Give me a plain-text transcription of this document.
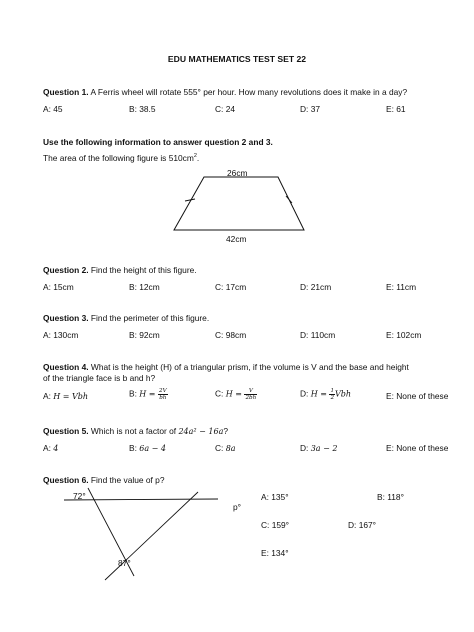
EDU MATHEMATICS TEST SET 22
Question 1. A Ferris wheel will rotate 555° per hour. How many revolutions does it make in a day?
A: 45	B: 38.5	C: 24	D: 37	E: 61
Use the following information to answer question 2 and 3.
The area of the following figure is $510cm^2$.
26cm
42cm
Question 2. Find the height of this figure.
A: 15cm	B: 12cm	C: 17cm	D: 21cm	E: 11cm
Question 3. Find the perimeter of this figure.
A: 130cm	B: 92cm	C: 98cm	D: 110cm	E: 102cm
Question 4. What is the height (H) of a triangular prism, if the volume is V and the base and height
of the triangle face is b and h?
A: H = Vbh	B: $H = \frac{2V}{bh}$	C: $H = \frac{V}{2bh}$	D: $H = \frac{1}{2}$ Vbh	E: None of these
Question 5. Which is not a factor of 24a² − 16a?
A: 4	B: 6a − 4	C: 8a	D: 3a − 2	E: None of these
Question 6. Find the value of p?
72°
87°
p°
A: 135°	B: 118°
C: 159°	D: 167°
E: 134°
